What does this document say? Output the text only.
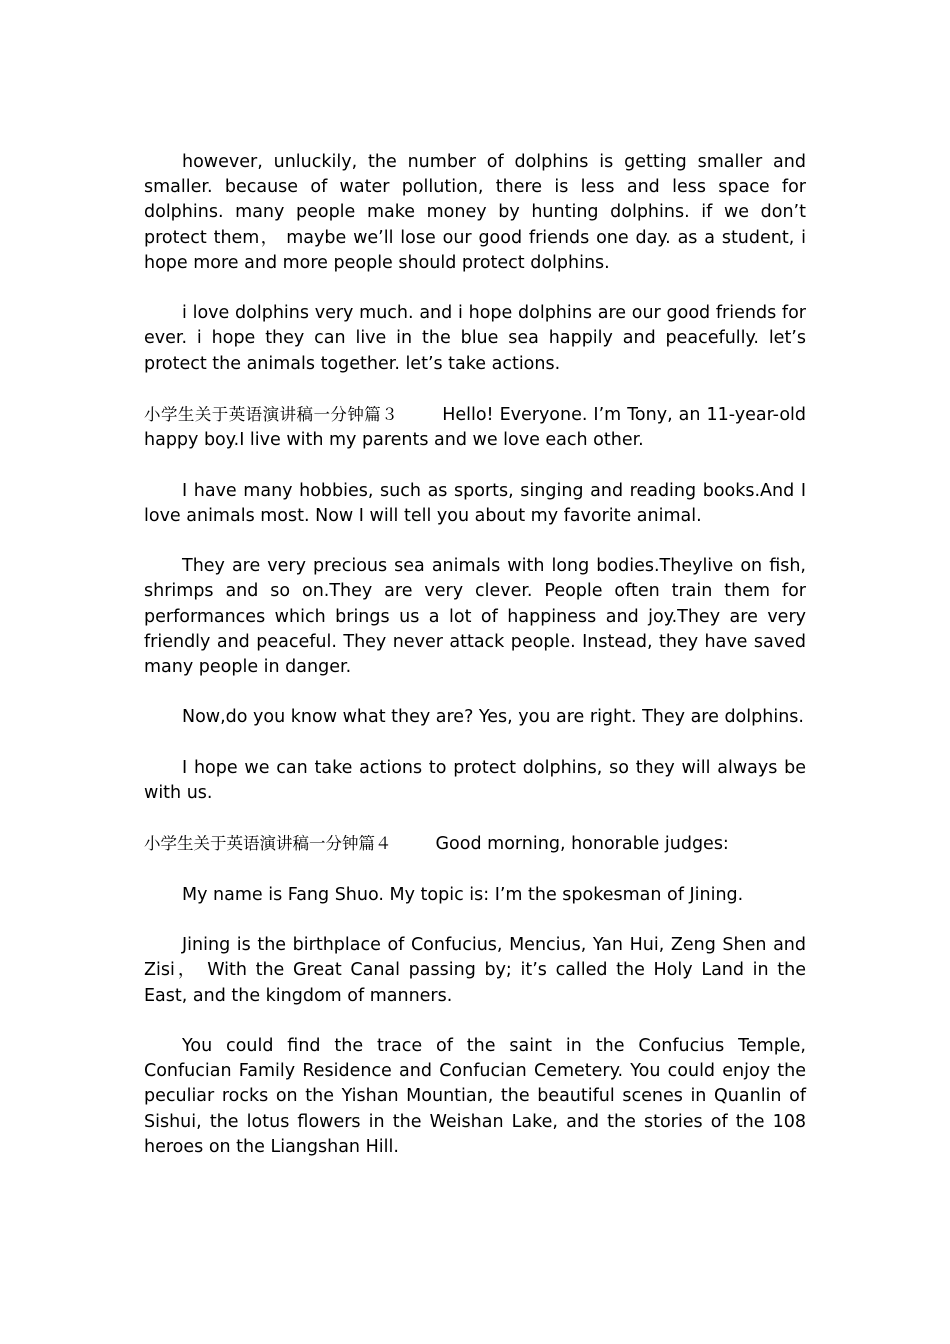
however, unluckily, the number of dolphins is getting smaller and smaller. because of water pollution, there is less and less space for dolphins. many people make money by hunting dolphins. if we don’t protect them， maybe we’ll lose our good friends one day. as a student, i hope more and more people should protect dolphins.

i love dolphins very much. and i hope dolphins are our good friends for ever. i hope they can live in the blue sea happily and peacefully. let’s protect the animals together. let’s take actions.

小学生关于英语演讲稿一分钟篇３	Hello! Everyone. I’m Tony, an 11-year-old happy boy.I live with my parents and we love each other.

I have many hobbies, such as sports, singing and reading books.And I love animals most. Now I will tell you about my favorite animal.

They are very precious sea animals with long bodies.Theylive on fish, shrimps and so on.They are very clever. People often train them for performances which brings us a lot of happiness and joy.They are very friendly and peaceful. They never attack people. Instead, they have saved many people in danger.

Now,do you know what they are? Yes, you are right. They are dolphins.

I hope we can take actions to protect dolphins, so they will always be with us.

小学生关于英语演讲稿一分钟篇４	Good morning, honorable judges:

My name is Fang Shuo. My topic is: I’m the spokesman of Jining.

Jining is the birthplace of Confucius, Mencius, Yan Hui, Zeng Shen and Zisi， With the Great Canal passing by; it’s called the Holy Land in the East, and the kingdom of manners.

You could find the trace of the saint in the Confucius Temple, Confucian Family Residence and Confucian Cemetery. You could enjoy the peculiar rocks on the Yishan Mountian, the beautiful scenes in Quanlin of Sishui, the lotus flowers in the Weishan Lake, and the stories of the 108 heroes on the Liangshan Hill.
